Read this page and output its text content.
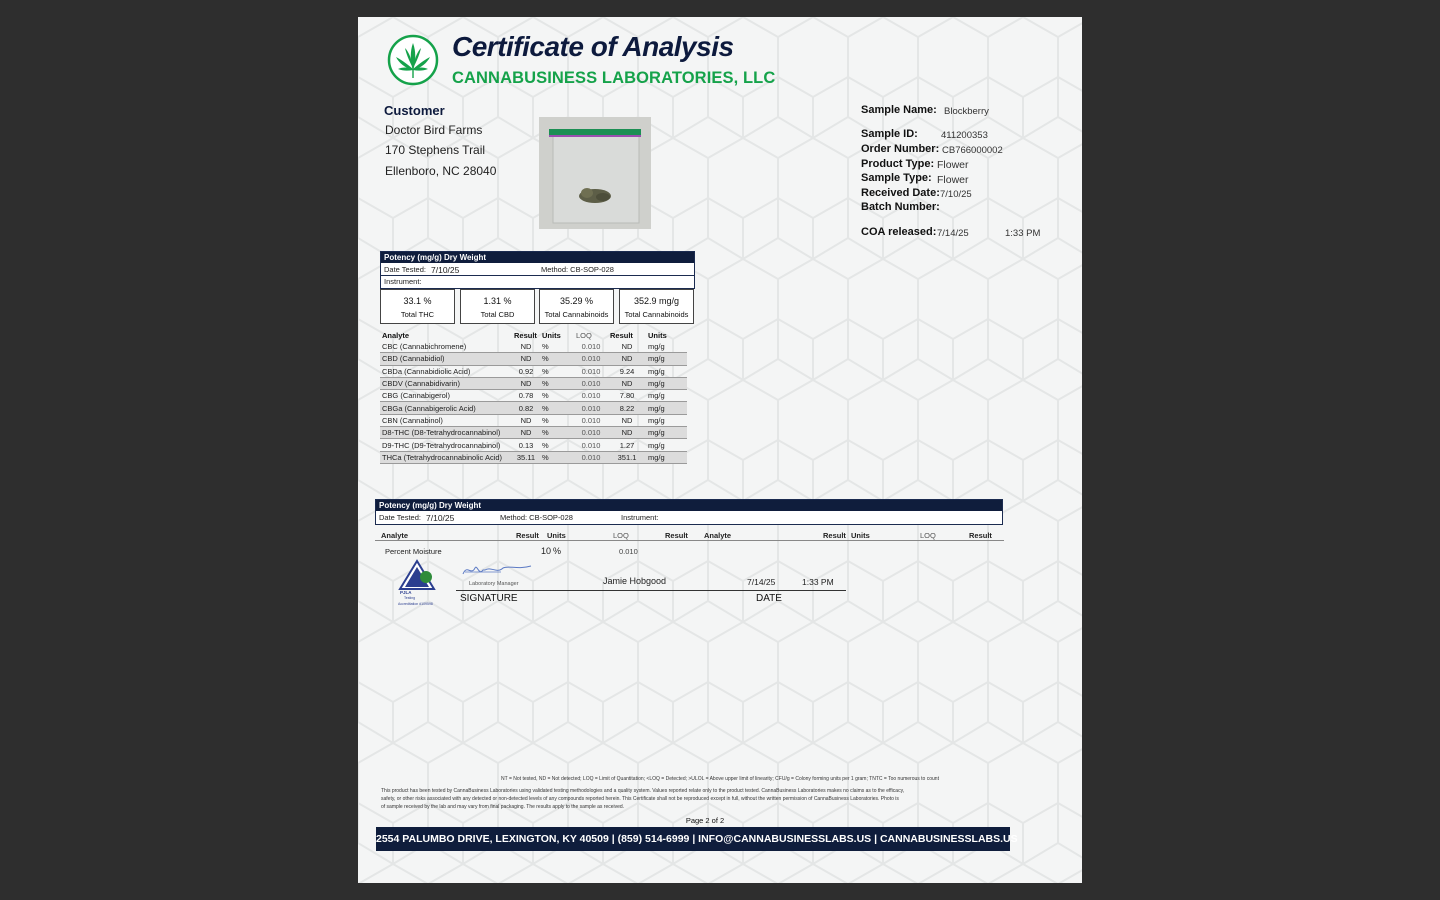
Certificate of Analysis
CANNABUSINESS LABORATORIES, LLC
Customer
Doctor Bird Farms
170 Stephens Trail
Ellenboro, NC 28040
Sample Name: Blockberry
Sample ID: 411200353
Order Number: CB766000002
Product Type: Flower
Sample Type: Flower
Received Date: 7/10/25
Batch Number:
COA released: 7/14/25	1:33 PM
Potency (mg/g) Dry Weight
Date Tested: 7/10/25	Method: CB-SOP-028
Instrument:
33.1 %
Total THC
1.31 %
Total CBD
35.29 %
Total Cannabinoids
352.9 mg/g
Total Cannabinoids
Analyte	Result	Units	LOQ	Result	Units
CBC (Cannabichromene)	ND	%	0.010	ND	mg/g
CBD (Cannabidiol)	ND	%	0.010	ND	mg/g
CBDa (Cannabidiolic Acid)	0.92	%	0.010	9.24	mg/g
CBDV (Cannabidivarin)	ND	%	0.010	ND	mg/g
CBG (Cannabigerol)	0.78	%	0.010	7.80	mg/g
CBGa (Cannabigerolic Acid)	0.82	%	0.010	8.22	mg/g
CBN (Cannabinol)	ND	%	0.010	ND	mg/g
D8-THC (D8-Tetrahydrocannabinol)	ND	%	0.010	ND	mg/g
D9-THC (D9-Tetrahydrocannabinol)	0.13	%	0.010	1.27	mg/g
THCa (Tetrahydrocannabinolic Acid)	35.11	%	0.010	351.1	mg/g
Potency (mg/g) Dry Weight
Date Tested: 7/10/25	Method: CB-SOP-028	Instrument:
Analyte	Result Units	LOQ	Result Analyte	Result Units	LOQ	Result
Percent Moisture	10 %	0.010
PJLA
Testing
Accreditation #109598
Laboratory Manager	Jamie Hobgood	7/14/25	1:33 PM
SIGNATURE	DATE
NT = Not tested, ND = Not detected; LOQ = Limit of Quantitation; <LOQ = Detected; >ULOL = Above upper limit of linearity; CFU/g = Colony forming units per 1 gram; TNTC = Too numerous to count
This product has been tested by CannaBusiness Laboratories using validated testing methodologies and a quality system. Values reported relate only to the product tested. CannaBusiness Laboratories makes no claims as to the efficacy,
safety, or other risks associated with any detected or non-detected levels of any compounds reported herein. This Certificate shall not be reproduced except in full, without the written permission of CannaBusiness Laboratories. Photo is
of sample received by the lab and may vary from final packaging. The results apply to the sample as received.
Page 2 of 2
2554 PALUMBO DRIVE, LEXINGTON, KY 40509 | (859) 514-6999 | INFO@CANNABUSINESSLABS.US | CANNABUSINESSLABS.US
